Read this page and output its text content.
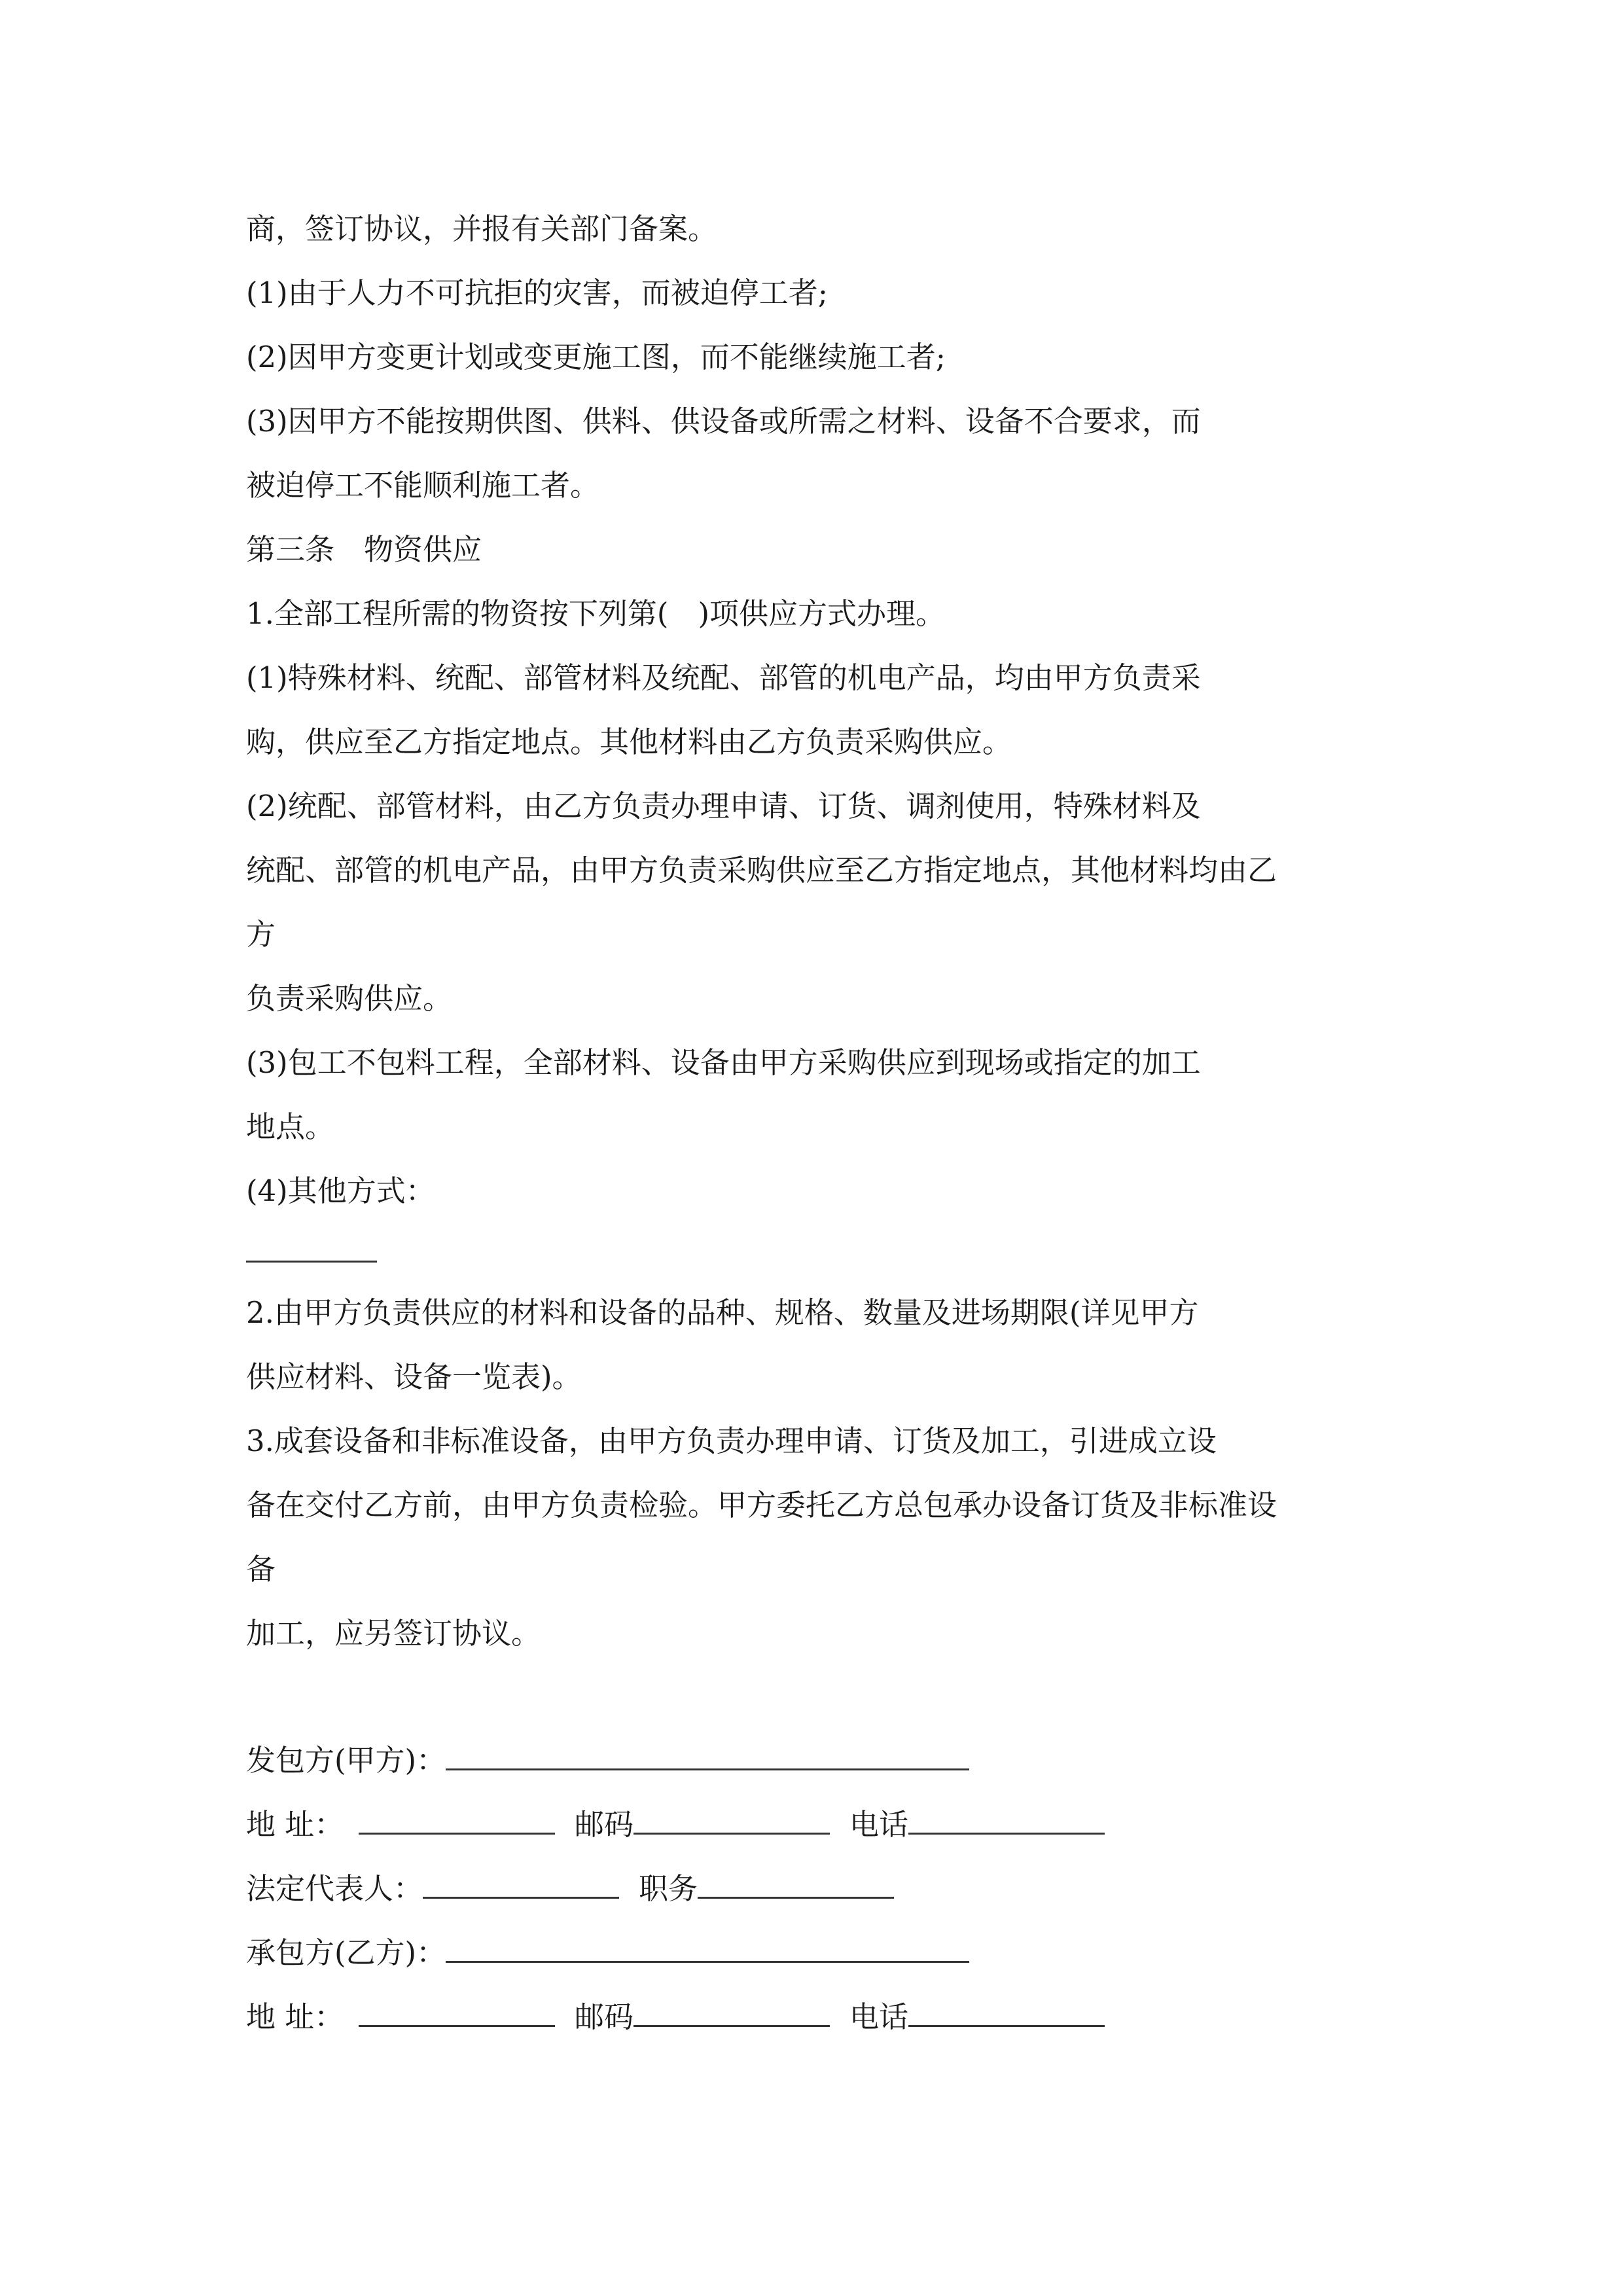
商，签订协议，并报有关部门备案。
(1)由于人力不可抗拒的灾害，而被迫停工者;
(2)因甲方变更计划或变更施工图，而不能继续施工者;
(3)因甲方不能按期供图、供料、供设备或所需之材料、设备不合要求，而
被迫停工不能顺利施工者。
第三条　物资供应
1.全部工程所需的物资按下列第(　)项供应方式办理。
(1)特殊材料、统配、部管材料及统配、部管的机电产品，均由甲方负责采
购，供应至乙方指定地点。其他材料由乙方负责采购供应。
(2)统配、部管材料，由乙方负责办理申请、订货、调剂使用，特殊材料及
统配、部管的机电产品，由甲方负责采购供应至乙方指定地点，其他材料均由乙
方
负责采购供应。
(3)包工不包料工程，全部材料、设备由甲方采购供应到现场或指定的加工
地点。
(4)其他方式：
2.由甲方负责供应的材料和设备的品种、规格、数量及进场期限(详见甲方
供应材料、设备一览表)。
3.成套设备和非标准设备，由甲方负责办理申请、订货及加工，引进成立设
备在交付乙方前，由甲方负责检验。甲方委托乙方总包承办设备订货及非标准设
备
加工，应另签订协议。
发包方(甲方)：
地 址：	邮码	电话
法定代表人：	职务
承包方(乙方)：
地 址：	邮码	电话
